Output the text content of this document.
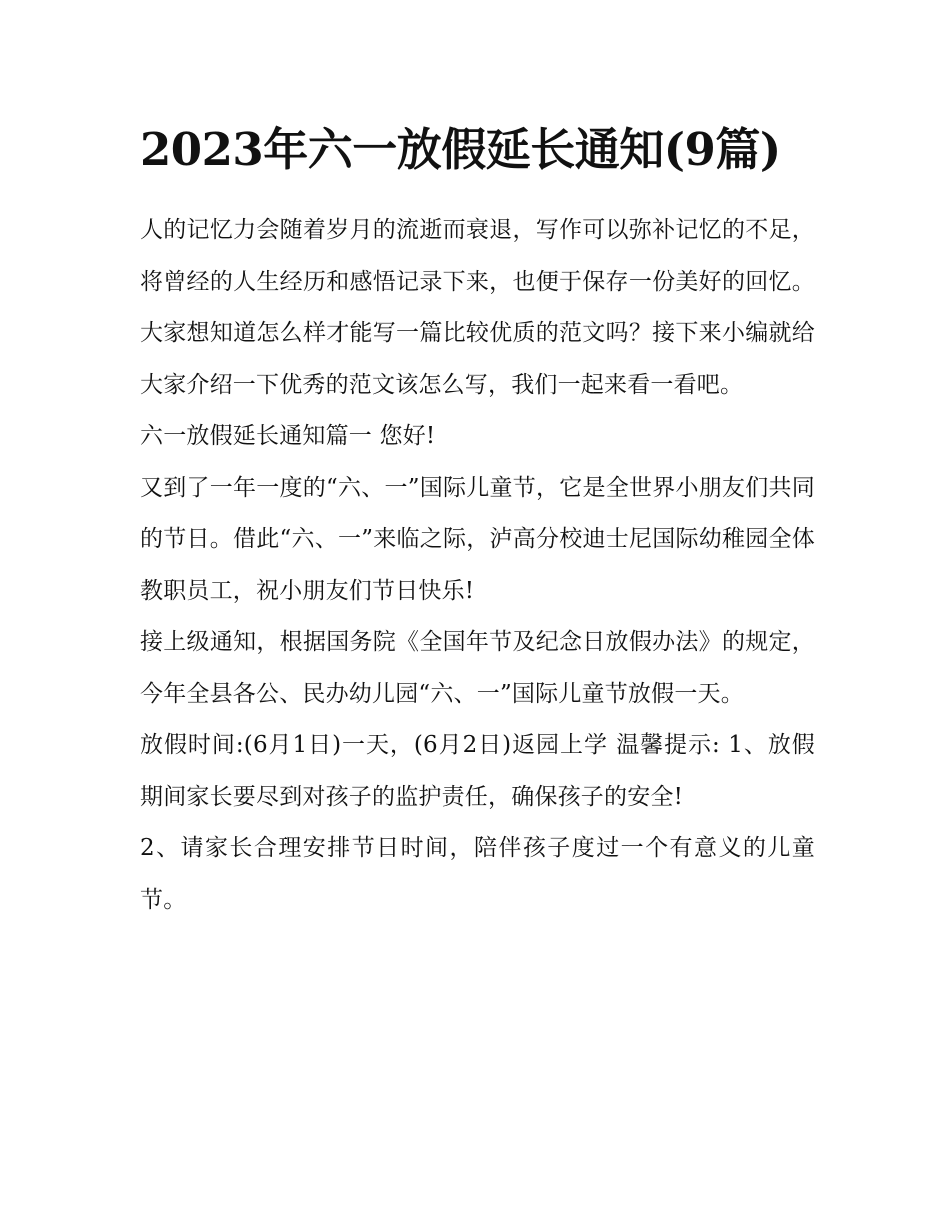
2023年六一放假延长通知(9篇)

人的记忆力会随着岁月的流逝而衰退，写作可以弥补记忆的不足，将曾经的人生经历和感悟记录下来，也便于保存一份美好的回忆。大家想知道怎么样才能写一篇比较优质的范文吗？接下来小编就给大家介绍一下优秀的范文该怎么写，我们一起来看一看吧。

六一放假延长通知篇一 您好!

又到了一年一度的“六、一”国际儿童节，它是全世界小朋友们共同的节日。借此“六、一”来临之际，泸高分校迪士尼国际幼稚园全体教职员工，祝小朋友们节日快乐!

接上级通知，根据国务院《全国年节及纪念日放假办法》的规定，今年全县各公、民办幼儿园“六、一”国际儿童节放假一天。

放假时间:(6月1日)一天，(6月2日)返园上学 温馨提示: 1、放假期间家长要尽到对孩子的监护责任，确保孩子的安全!

2、请家长合理安排节日时间，陪伴孩子度过一个有意义的儿童节。
